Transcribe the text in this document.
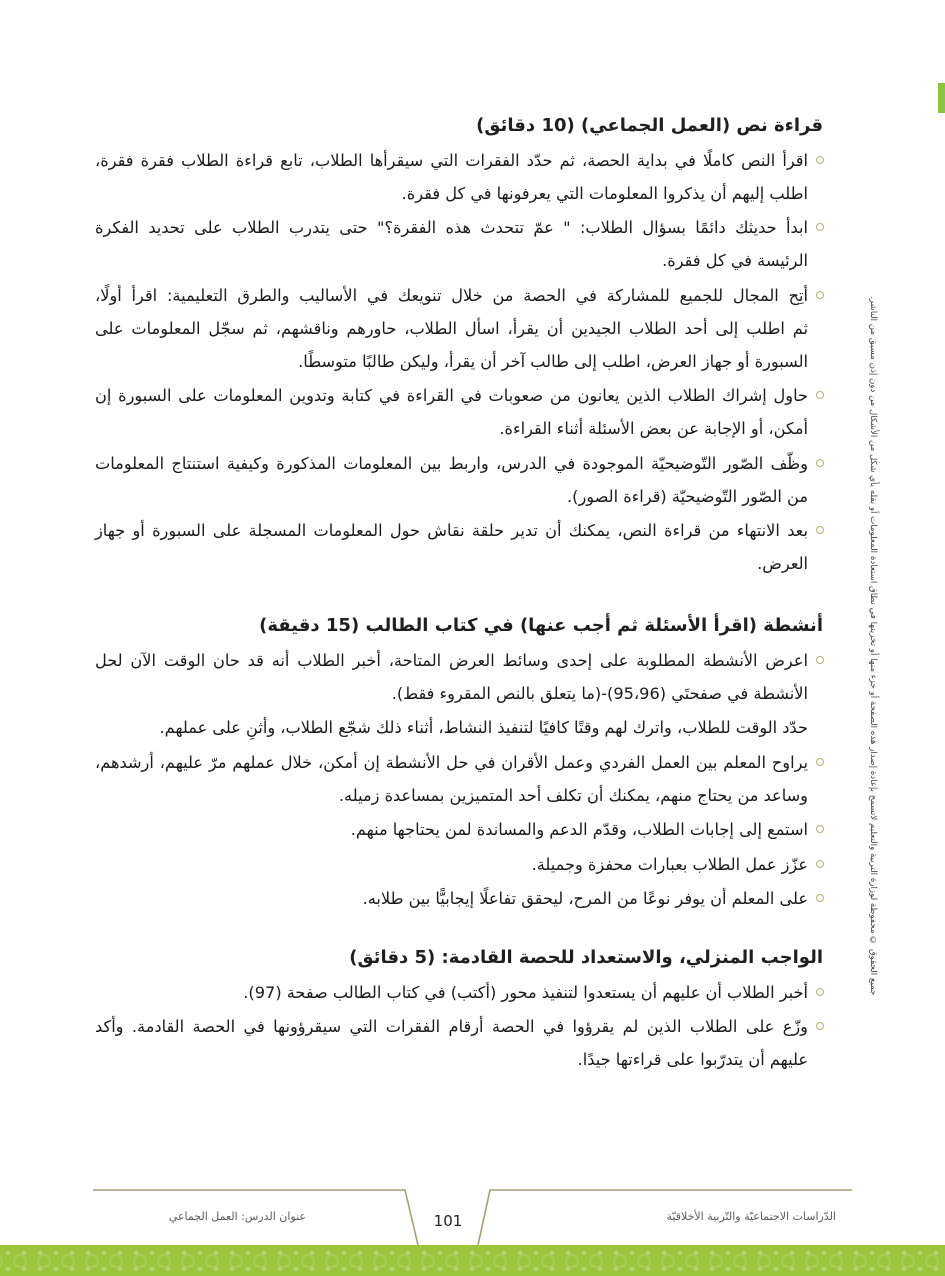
جميع الحقوق © محفوظة لوزارة التربية والتعليم لاتسمح بإعادة إصدار هذه الصفحة أو جزء منها أو تخزينها في نطاق استعادة المعلومات أو نقله بأي شكل من الأشكال من دون إذن مسبق من الناشر.
قراءة نص (العمل الجماعي) (10 دقائق)
اقرأ النص كاملًا في بداية الحصة، ثم حدّد الفقرات التي سيقرأها الطلاب، تابع قراءة الطلاب فقرة فقرة،
اطلب إليهم أن يذكروا المعلومات التي يعرفونها في كل فقرة.
ابدأ حديثك دائمًا بسؤال الطلاب: " عمّ تتحدث هذه الفقرة؟" حتى يتدرب الطلاب على تحديد الفكرة
الرئيسة في كل فقرة.
أتِح المجال للجميع للمشاركة في الحصة من خلال تنويعك في الأساليب والطرق التعليمية: اقرأ أولًا،
ثم اطلب إلى أحد الطلاب الجيدين أن يقرأ، اسأل الطلاب، حاورهم وناقشهم، ثم سجّل المعلومات على
السبورة أو جهاز العرض، اطلب إلى طالب آخر أن يقرأ، وليكن طالبًا متوسطًا.
حاول إشراك الطلاب الذين يعانون من صعوبات في القراءة في كتابة وتدوين المعلومات على السبورة إن
أمكن، أو الإجابة عن بعض الأسئلة أثناء القراءة.
وظّف الصّور التّوضيحيّة الموجودة في الدرس، واربط بين المعلومات المذكورة وكيفية استنتاج المعلومات
من الصّور التّوضيحيّة (قراءة الصور).
بعد الانتهاء من قراءة النص، يمكنك أن تدير حلقة نقاش حول المعلومات المسجلة على السبورة أو جهاز
العرض.
أنشطة (اقرأ الأسئلة ثم أجب عنها) في كتاب الطالب (15 دقيقة)
اعرض الأنشطة المطلوبة على إحدى وسائط العرض المتاحة، أخبر الطلاب أنه قد حان الوقت الآن لحل
الأنشطة في صفحتَي (95،96)-(ما يتعلق بالنص المقروء فقط).
حدّد الوقت للطلاب، واترك لهم وقتًا كافيًا لتنفيذ النشاط، أثناء ذلك شجّع الطلاب، وأثنِ على عملهم.
يراوح المعلم بين العمل الفردي وعمل الأقران في حل الأنشطة إن أمكن، خلال عملهم مرّ عليهم، أرشدهم،
وساعد من يحتاج منهم، يمكنك أن تكلف أحد المتميزين بمساعدة زميله.
استمع إلى إجابات الطلاب، وقدّم الدعم والمساندة لمن يحتاجها منهم.
عزّز عمل الطلاب بعبارات محفزة وجميلة.
على المعلم أن يوفر نوعًا من المرح، ليحقق تفاعلًا إيجابيًّا بين طلابه.
الواجب المنزلي، والاستعداد للحصة القادمة: (5 دقائق)
أخبر الطلاب أن عليهم أن يستعدوا لتنفيذ محور (أكتب) في كتاب الطالب صفحة (97).
وزّع على الطلاب الذين لم يقرؤوا في الحصة أرقام الفقرات التي سيقرؤونها في الحصة القادمة. وأكد
عليهم أن يتدرّبوا على قراءتها جيدًا.
101	الدّراسات الاجتماعيّة والتّربية الأخلاقيّة
عنوان الدرس: العمل الجماعي
